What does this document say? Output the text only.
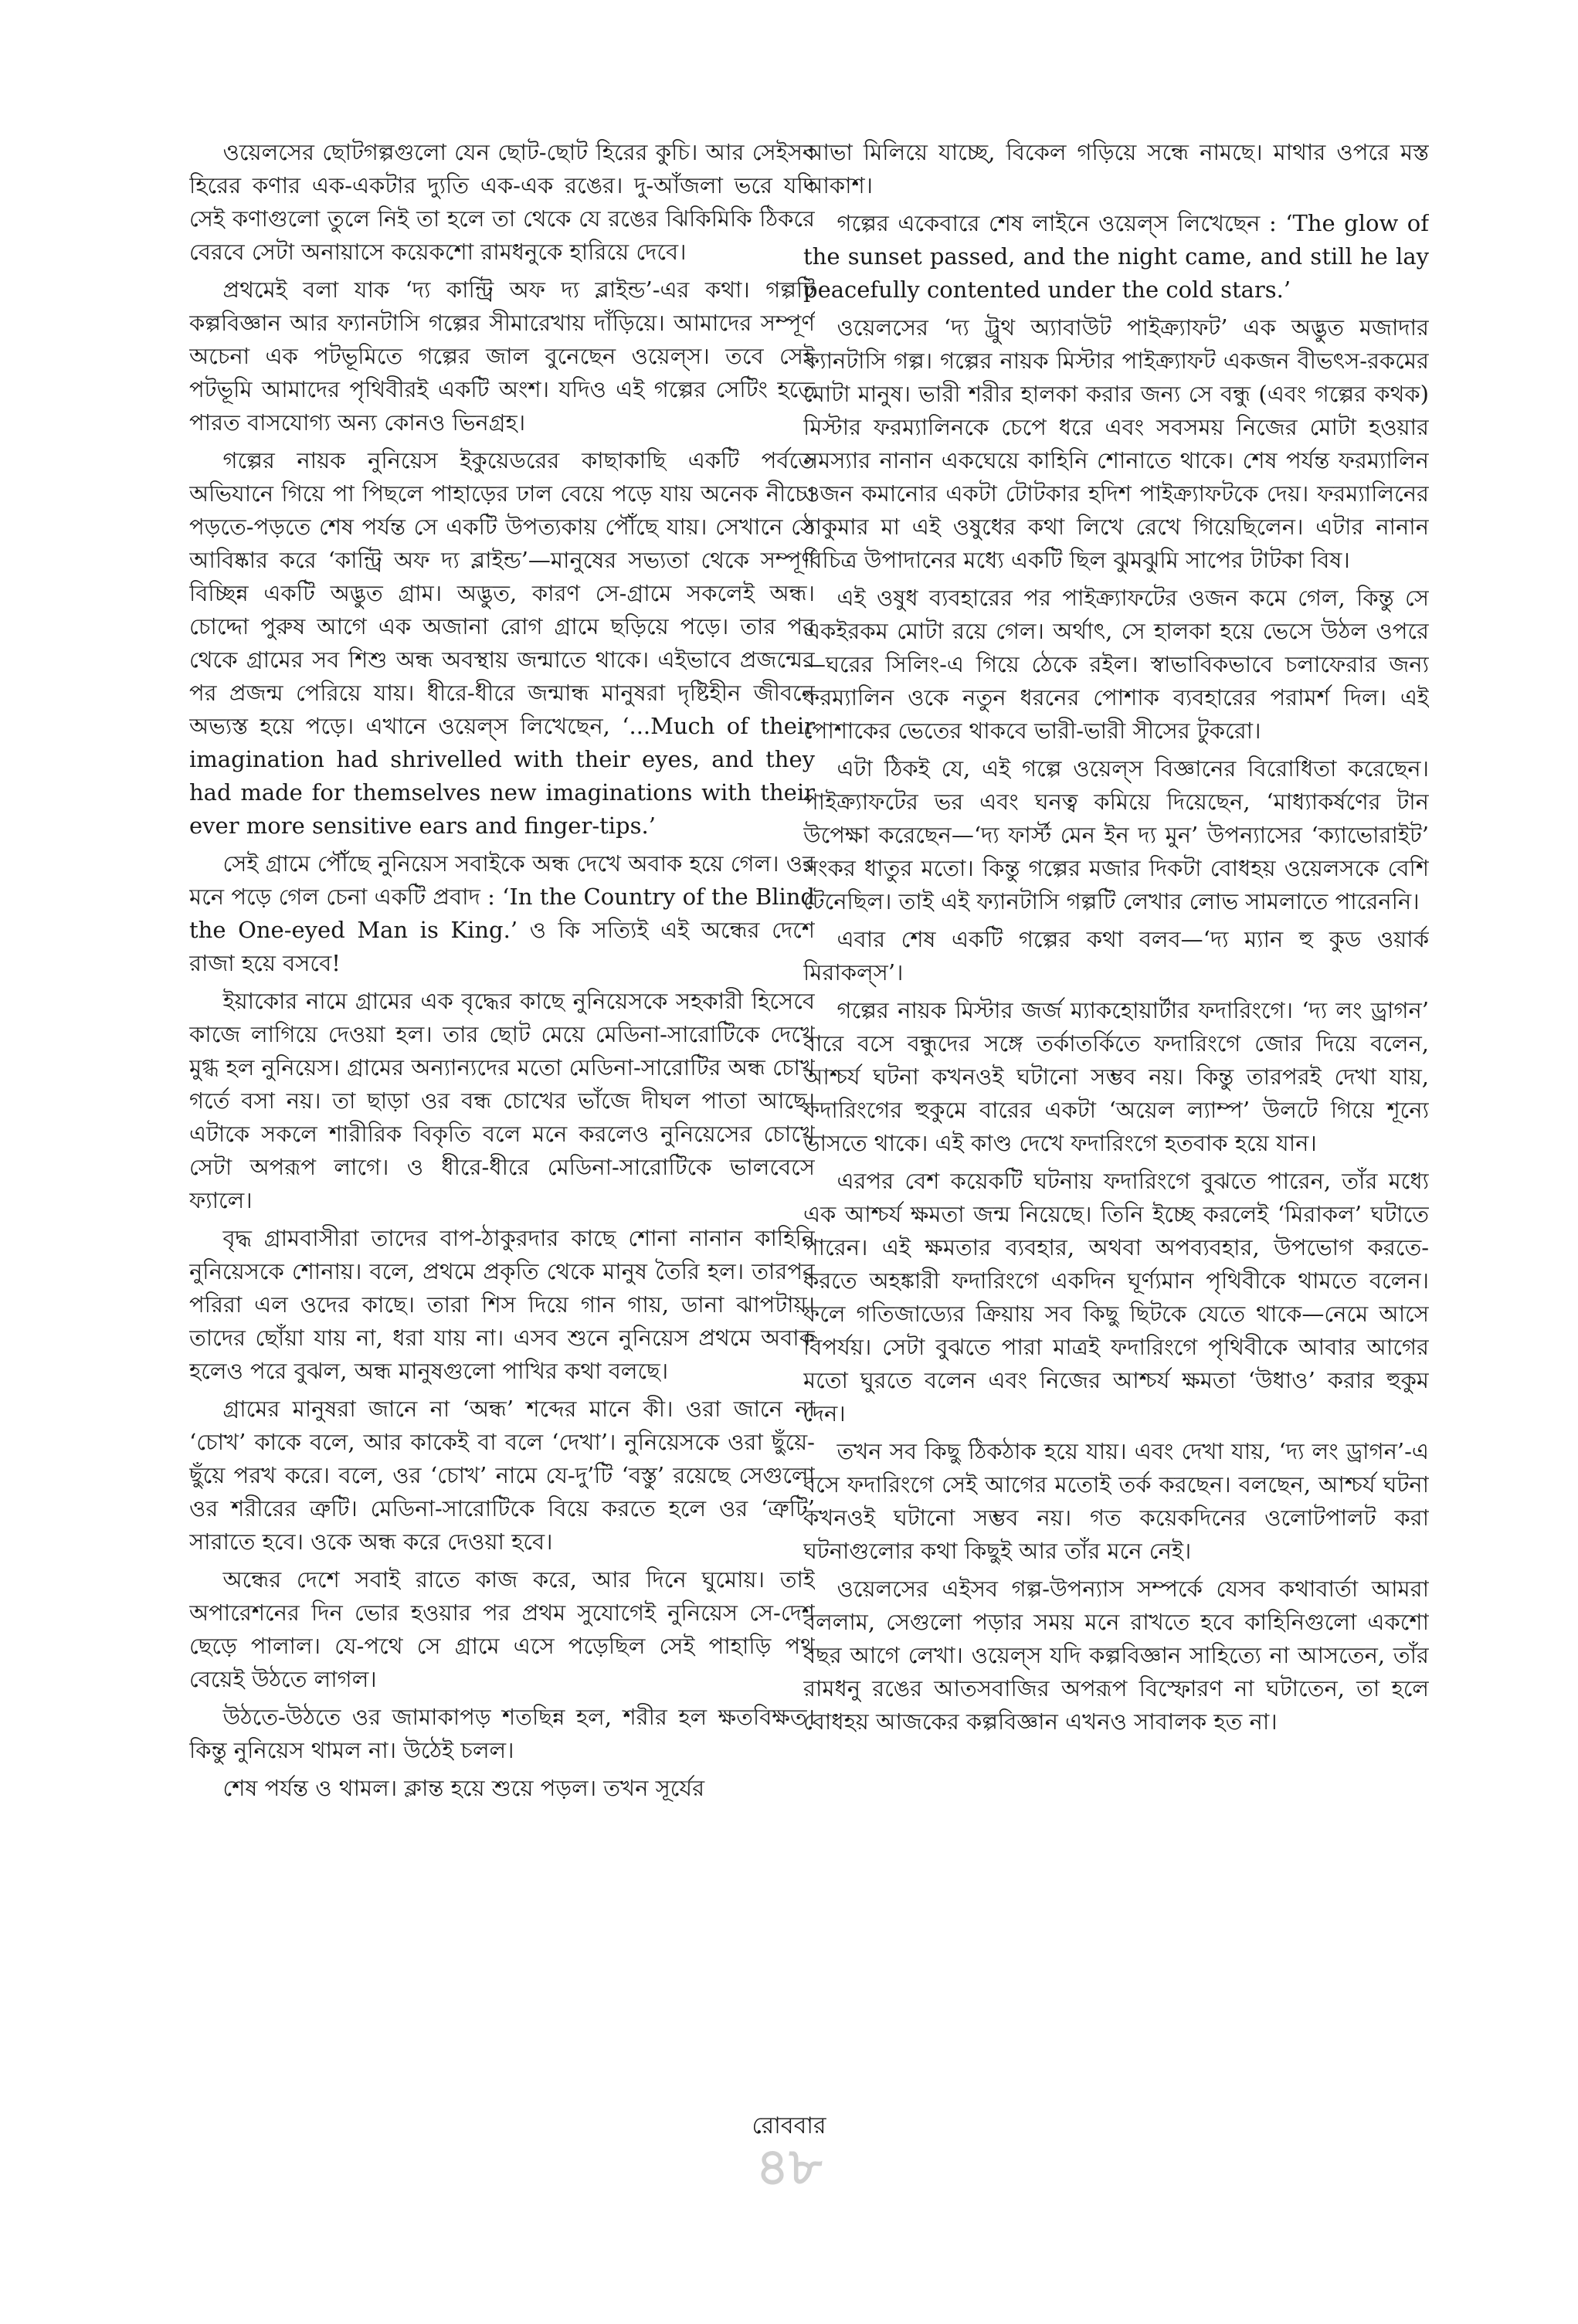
ওয়েলসের ছোটগল্পগুলো যেন ছোট-ছোট হিরের কুচি। আর সেইসব হিরের কণার এক-একটার দ্যুতি এক-এক রঙের। দু-আঁজলা ভরে যদি সেই কণাগুলো তুলে নিই তা হলে তা থেকে যে রঙের ঝিকিমিকি ঠিকরে বেরবে সেটা অনায়াসে কয়েকশো রামধনুকে হারিয়ে দেবে।

প্রথমেই বলা যাক ‘দ্য কান্ট্রি অফ দ্য ব্লাইন্ড’-এর কথা। গল্পটি কল্পবিজ্ঞান আর ফ্যানটাসি গল্পের সীমারেখায় দাঁড়িয়ে। আমাদের সম্পূর্ণ অচেনা এক পটভূমিতে গল্পের জাল বুনেছেন ওয়েল্স। তবে সেই পটভূমি আমাদের পৃথিবীরই একটি অংশ। যদিও এই গল্পের সেটিং হতে পারত বাসযোগ্য অন্য কোনও ভিনগ্রহ।

গল্পের নায়ক নুনিয়েস ইকুয়েডরের কাছাকাছি একটি পর্বতে অভিযানে গিয়ে পা পিছলে পাহাড়ের ঢাল বেয়ে পড়ে যায় অনেক নীচে। পড়তে-পড়তে শেষ পর্যন্ত সে একটি উপত্যকায় পৌঁছে যায়। সেখানে সে আবিষ্কার করে ‘কান্ট্রি অফ দ্য ব্লাইন্ড’—মানুষের সভ্যতা থেকে সম্পূর্ণ বিচ্ছিন্ন একটি অদ্ভুত গ্রাম। অদ্ভুত, কারণ সে-গ্রামে সকলেই অন্ধ। চোদ্দো পুরুষ আগে এক অজানা রোগ গ্রামে ছড়িয়ে পড়ে। তার পর থেকে গ্রামের সব শিশু অন্ধ অবস্থায় জন্মাতে থাকে। এইভাবে প্রজন্মের পর প্রজন্ম পেরিয়ে যায়। ধীরে-ধীরে জন্মান্ধ মানুষরা দৃষ্টিহীন জীবনে অভ্যস্ত হয়ে পড়ে। এখানে ওয়েল্স লিখেছেন, ‘...Much of their imagination had shrivelled with their eyes, and they had made for themselves new imaginations with their ever more sensitive ears and finger-tips.’

সেই গ্রামে পৌঁছে নুনিয়েস সবাইকে অন্ধ দেখে অবাক হয়ে গেল। ওর মনে পড়ে গেল চেনা একটি প্রবাদ : ‘In the Country of the Blind the One-eyed Man is King.’ ও কি সত্যিই এই অন্ধের দেশে রাজা হয়ে বসবে!

ইয়াকোর নামে গ্রামের এক বৃদ্ধের কাছে নুনিয়েসকে সহকারী হিসেবে কাজে লাগিয়ে দেওয়া হল। তার ছোট মেয়ে মেডিনা-সারোটিকে দেখে মুগ্ধ হল নুনিয়েস। গ্রামের অন্যান্যদের মতো মেডিনা-সারোটির অন্ধ চোখ গর্তে বসা নয়। তা ছাড়া ওর বন্ধ চোখের ভাঁজে দীঘল পাতা আছে। এটাকে সকলে শারীরিক বিকৃতি বলে মনে করলেও নুনিয়েসের চোখে সেটা অপরূপ লাগে। ও ধীরে-ধীরে মেডিনা-সারোটিকে ভালবেসে ফ্যালে।

বৃদ্ধ গ্রামবাসীরা তাদের বাপ-ঠাকুরদার কাছে শোনা নানান কাহিনি নুনিয়েসকে শোনায়। বলে, প্রথমে প্রকৃতি থেকে মানুষ তৈরি হল। তারপর পরিরা এল ওদের কাছে। তারা শিস দিয়ে গান গায়, ডানা ঝাপটায়। তাদের ছোঁয়া যায় না, ধরা যায় না। এসব শুনে নুনিয়েস প্রথমে অবাক হলেও পরে বুঝল, অন্ধ মানুষগুলো পাখির কথা বলছে।

গ্রামের মানুষরা জানে না ‘অন্ধ’ শব্দের মানে কী। ওরা জানে না ‘চোখ’ কাকে বলে, আর কাকেই বা বলে ‘দেখা’। নুনিয়েসকে ওরা ছুঁয়ে-ছুঁয়ে পরখ করে। বলে, ওর ‘চোখ’ নামে যে-দু’টি ‘বস্তু’ রয়েছে সেগুলো ওর শরীরের ত্রুটি। মেডিনা-সারোটিকে বিয়ে করতে হলে ওর ‘ত্রুটি’ সারাতে হবে। ওকে অন্ধ করে দেওয়া হবে।

অন্ধের দেশে সবাই রাতে কাজ করে, আর দিনে ঘুমোয়। তাই অপারেশনের দিন ভোর হওয়ার পর প্রথম সুযোগেই নুনিয়েস সে-দেশ ছেড়ে পালাল। যে-পথে সে গ্রামে এসে পড়েছিল সেই পাহাড়ি পথ বেয়েই উঠতে লাগল।

উঠতে-উঠতে ওর জামাকাপড় শতছিন্ন হল, শরীর হল ক্ষতবিক্ষত। কিন্তু নুনিয়েস থামল না। উঠেই চলল।

শেষ পর্যন্ত ও থামল। ক্লান্ত হয়ে শুয়ে পড়ল। তখন সূর্যের

আভা মিলিয়ে যাচ্ছে, বিকেল গড়িয়ে সন্ধে নামছে। মাথার ওপরে মস্ত আকাশ।

গল্পের একেবারে শেষ লাইনে ওয়েল্স লিখেছেন : ‘The glow of the sunset passed, and the night came, and still he lay peacefully contented under the cold stars.’

ওয়েলসের ‘দ্য ট্রুথ অ্যাবাউট পাইক্র্যাফট’ এক অদ্ভুত মজাদার ফ্যানটাসি গল্প। গল্পের নায়ক মিস্টার পাইক্র্যাফট একজন বীভৎস-রকমের মোটা মানুষ। ভারী শরীর হালকা করার জন্য সে বন্ধু (এবং গল্পের কথক) মিস্টার ফরম্যালিনকে চেপে ধরে এবং সবসময় নিজের মোটা হওয়ার সমস্যার নানান একঘেয়ে কাহিনি শোনাতে থাকে। শেষ পর্যন্ত ফরম্যালিন ওজন কমানোর একটা টোটকার হদিশ পাইক্র্যাফটকে দেয়। ফরম্যালিনের ঠাকুমার মা এই ওষুধের কথা লিখে রেখে গিয়েছিলেন। এটার নানান বিচিত্র উপাদানের মধ্যে একটি ছিল ঝুমঝুমি সাপের টাটকা বিষ।

এই ওষুধ ব্যবহারের পর পাইক্র্যাফটের ওজন কমে গেল, কিন্তু সে একইরকম মোটা রয়ে গেল। অর্থাৎ, সে হালকা হয়ে ভেসে উঠল ওপরে—ঘরের সিলিং-এ গিয়ে ঠেকে রইল। স্বাভাবিকভাবে চলাফেরার জন্য ফরম্যালিন ওকে নতুন ধরনের পোশাক ব্যবহারের পরামর্শ দিল। এই পোশাকের ভেতের থাকবে ভারী-ভারী সীসের টুকরো।

এটা ঠিকই যে, এই গল্পে ওয়েল্স বিজ্ঞানের বিরোধিতা করেছেন। পাইক্র্যাফটের ভর এবং ঘনত্ব কমিয়ে দিয়েছেন, ‘মাধ্যাকর্ষণের টান উপেক্ষা করেছেন—‘দ্য ফার্স্ট মেন ইন দ্য মুন’ উপন্যাসের ‘ক্যাভোরাইট’ সংকর ধাতুর মতো। কিন্তু গল্পের মজার দিকটা বোধহয় ওয়েলসকে বেশি টেনেছিল। তাই এই ফ্যানটাসি গল্পটি লেখার লোভ সামলাতে পারেননি।

এবার শেষ একটি গল্পের কথা বলব—‘দ্য ম্যান হু কুড ওয়ার্ক মিরাকল্স’।

গল্পের নায়ক মিস্টার জর্জ ম্যাকহোয়ার্টার ফদারিংগে। ‘দ্য লং ড্রাগন’ বারে বসে বন্ধুদের সঙ্গে তর্কাতর্কিতে ফদারিংগে জোর দিয়ে বলেন, আশ্চর্য ঘটনা কখনওই ঘটানো সম্ভব নয়। কিন্তু তারপরই দেখা যায়, ফদারিংগের হুকুমে বারের একটা ‘অয়েল ল্যাম্প’ উলটে গিয়ে শূন্যে ভাসতে থাকে। এই কাণ্ড দেখে ফদারিংগে হতবাক হয়ে যান।

এরপর বেশ কয়েকটি ঘটনায় ফদারিংগে বুঝতে পারেন, তাঁর মধ্যে এক আশ্চর্য ক্ষমতা জন্ম নিয়েছে। তিনি ইচ্ছে করলেই ‘মিরাকল’ ঘটাতে পারেন। এই ক্ষমতার ব্যবহার, অথবা অপব্যবহার, উপভোগ করতে-করতে অহঙ্কারী ফদারিংগে একদিন ঘূর্ণ্যমান পৃথিবীকে থামতে বলেন। ফলে গতিজাড্যের ক্রিয়ায় সব কিছু ছিটকে যেতে থাকে—নেমে আসে বিপর্যয়। সেটা বুঝতে পারা মাত্রই ফদারিংগে পৃথিবীকে আবার আগের মতো ঘুরতে বলেন এবং নিজের আশ্চর্য ক্ষমতা ‘উধাও’ করার হুকুম দেন।

তখন সব কিছু ঠিকঠাক হয়ে যায়। এবং দেখা যায়, ‘দ্য লং ড্রাগন’-এ বসে ফদারিংগে সেই আগের মতোই তর্ক করছেন। বলছেন, আশ্চর্য ঘটনা কখনওই ঘটানো সম্ভব নয়। গত কয়েকদিনের ওলোটপালট করা ঘটনাগুলোর কথা কিছুই আর তাঁর মনে নেই।

ওয়েলসের এইসব গল্প-উপন্যাস সম্পর্কে যেসব কথাবার্তা আমরা বললাম, সেগুলো পড়ার সময় মনে রাখতে হবে কাহিনিগুলো একশো বছর আগে লেখা। ওয়েল্স যদি কল্পবিজ্ঞান সাহিত্যে না আসতেন, তাঁর রামধনু রঙের আতসবাজির অপরূপ বিস্ফোরণ না ঘটাতেন, তা হলে বোধহয় আজকের কল্পবিজ্ঞান এখনও সাবালক হত না।

রোববার
৪৮
